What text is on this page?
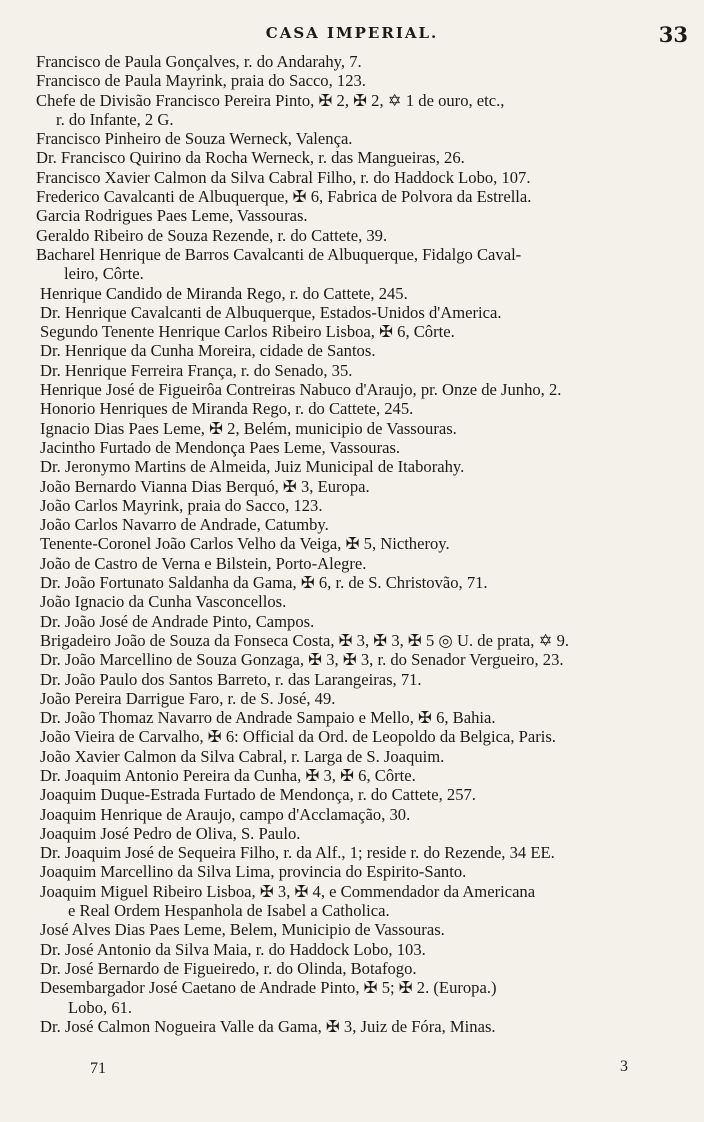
CASA IMPERIAL.	33
Francisco de Paula Gonçalves, r. do Andarahy, 7.
Francisco de Paula Mayrink, praia do Sacco, 123.
Chefe de Divisão Francisco Pereira Pinto, ✠ 2, ✠ 2, ✡ 1 de ouro, etc.,
r. do Infante, 2 G.
Francisco Pinheiro de Souza Werneck, Valença.
Dr. Francisco Quirino da Rocha Werneck, r. das Mangueiras, 26.
Francisco Xavier Calmon da Silva Cabral Filho, r. do Haddock Lobo, 107.
Frederico Cavalcanti de Albuquerque, ✠ 6, Fabrica de Polvora da Estrella.
Garcia Rodrigues Paes Leme, Vassouras.
Geraldo Ribeiro de Souza Rezende, r. do Cattete, 39.
Bacharel Henrique de Barros Cavalcanti de Albuquerque, Fidalgo Caval-
leiro, Côrte.
Henrique Candido de Miranda Rego, r. do Cattete, 245.
Dr. Henrique Cavalcanti de Albuquerque, Estados-Unidos d'America.
Segundo Tenente Henrique Carlos Ribeiro Lisboa, ✠ 6, Côrte.
Dr. Henrique da Cunha Moreira, cidade de Santos.
Dr. Henrique Ferreira França, r. do Senado, 35.
Henrique José de Figueirôa Contreiras Nabuco d'Araujo, pr. Onze de Junho, 2.
Honorio Henriques de Miranda Rego, r. do Cattete, 245.
Ignacio Dias Paes Leme, ✠ 2, Belém, municipio de Vassouras.
Jacintho Furtado de Mendonça Paes Leme, Vassouras.
Dr. Jeronymo Martins de Almeida, Juiz Municipal de Itaborahy.
João Bernardo Vianna Dias Berquó, ✠ 3, Europa.
João Carlos Mayrink, praia do Sacco, 123.
João Carlos Navarro de Andrade, Catumby.
Tenente-Coronel João Carlos Velho da Veiga, ✠ 5, Nictheroy.
João de Castro de Verna e Bilstein, Porto-Alegre.
Dr. João Fortunato Saldanha da Gama, ✠ 6, r. de S. Christovão, 71.
João Ignacio da Cunha Vasconcellos.
Dr. João José de Andrade Pinto, Campos.
Brigadeiro João de Souza da Fonseca Costa, ✠ 3, ✠ 3, ✠ 5 ◎ U. de prata, ✡ 9.
Dr. João Marcellino de Souza Gonzaga, ✠ 3, ✠ 3, r. do Senador Vergueiro, 23.
Dr. João Paulo dos Santos Barreto, r. das Larangeiras, 71.
João Pereira Darrigue Faro, r. de S. José, 49.
Dr. João Thomaz Navarro de Andrade Sampaio e Mello, ✠ 6, Bahia.
João Vieira de Carvalho, ✠ 6: Official da Ord. de Leopoldo da Belgica, Paris.
João Xavier Calmon da Silva Cabral, r. Larga de S. Joaquim.
Dr. Joaquim Antonio Pereira da Cunha, ✠ 3, ✠ 6, Côrte.
Joaquim Duque-Estrada Furtado de Mendonça, r. do Cattete, 257.
Joaquim Henrique de Araujo, campo d'Acclamação, 30.
Joaquim José Pedro de Oliva, S. Paulo.
Dr. Joaquim José de Sequeira Filho, r. da Alf., 1; reside r. do Rezende, 34 EE.
Joaquim Marcellino da Silva Lima, provincia do Espirito-Santo.
Joaquim Miguel Ribeiro Lisboa, ✠ 3, ✠ 4, e Commendador da Americana
e Real Ordem Hespanhola de Isabel a Catholica.
José Alves Dias Paes Leme, Belem, Municipio de Vassouras.
Dr. José Antonio da Silva Maia, r. do Haddock Lobo, 103.
Dr. José Bernardo de Figueiredo, r. do Olinda, Botafogo.
Desembargador José Caetano de Andrade Pinto, ✠ 5; ✠ 2. (Europa.)
Lobo, 61.
Dr. José Calmon Nogueira Valle da Gama, ✠ 3, Juiz de Fóra, Minas.
71	3
